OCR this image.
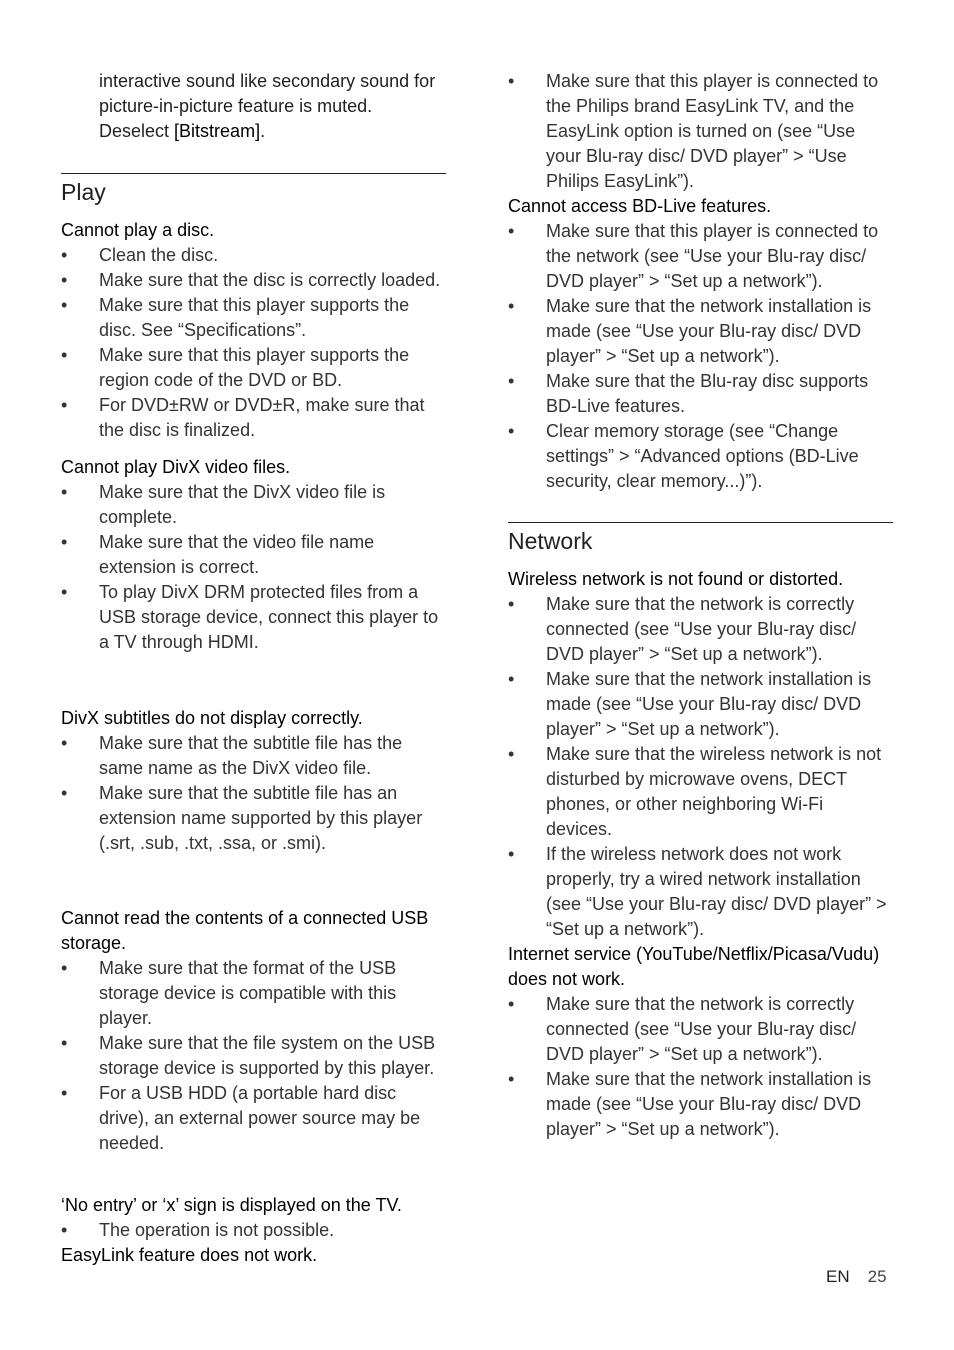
interactive sound like secondary sound for picture-in-picture feature is muted. Deselect [Bitstream].
Play

Cannot play a disc.

• Clean the disc.
• Make sure that the disc is correctly loaded.
• Make sure that this player supports the disc. See “Specifications”.
• Make sure that this player supports the region code of the DVD or BD.
• For DVD±RW or DVD±R, make sure that the disc is finalized.

Cannot play DivX video files.

• Make sure that the DivX video file is complete.
• Make sure that the video file name extension is correct.
• To play DivX DRM protected files from a USB storage device, connect this player to a TV through HDMI.

DivX subtitles do not display correctly.

• Make sure that the subtitle file has the same name as the DivX video file.
• Make sure that the subtitle file has an extension name supported by this player (.srt, .sub, .txt, .ssa, or .smi).

Cannot read the contents of a connected USB storage.

• Make sure that the format of the USB storage device is compatible with this player.
• Make sure that the file system on the USB storage device is supported by this player.
• For a USB HDD (a portable hard disc drive), an external power source may be needed.

‘No entry’ or ‘x’ sign is displayed on the TV.

• The operation is not possible.

EasyLink feature does not work.

• Make sure that this player is connected to the Philips brand EasyLink TV, and the EasyLink option is turned on (see “Use your Blu-ray disc/ DVD player” > “Use Philips EasyLink”).

Cannot access BD-Live features.

• Make sure that this player is connected to the network (see “Use your Blu-ray disc/ DVD player” > “Set up a network”).
• Make sure that the network installation is made (see “Use your Blu-ray disc/ DVD player” > “Set up a network”).
• Make sure that the Blu-ray disc supports BD-Live features.
• Clear memory storage (see “Change settings” > “Advanced options (BD-Live security, clear memory...)”).
Network

Wireless network is not found or distorted.

• Make sure that the network is correctly connected (see “Use your Blu-ray disc/ DVD player” > “Set up a network”).
• Make sure that the network installation is made (see “Use your Blu-ray disc/ DVD player” > “Set up a network”).
• Make sure that the wireless network is not disturbed by microwave ovens, DECT phones, or other neighboring Wi-Fi devices.
• If the wireless network does not work properly, try a wired network installation (see “Use your Blu-ray disc/ DVD player” > “Set up a network”).

Internet service (YouTube/Netflix/Picasa/Vudu) does not work.

• Make sure that the network is correctly connected (see “Use your Blu-ray disc/ DVD player” > “Set up a network”).
• Make sure that the network installation is made (see “Use your Blu-ray disc/ DVD player” > “Set up a network”).
EN 25
